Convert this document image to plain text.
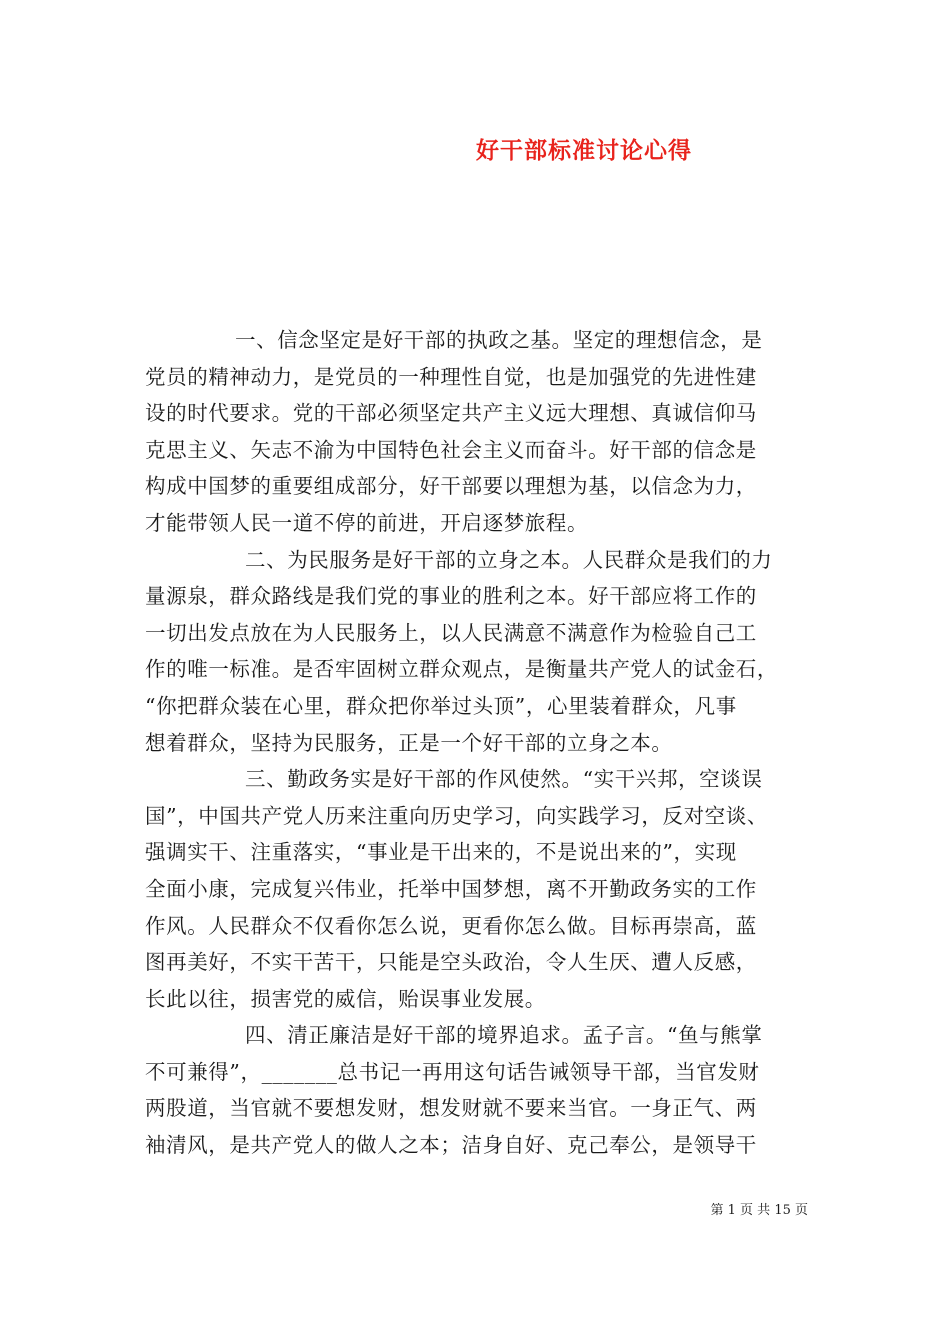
好干部标准讨论心得
一、信念坚定是好干部的执政之基。坚定的理想信念，是
党员的精神动力，是党员的一种理性自觉，也是加强党的先进性建
设的时代要求。党的干部必须坚定共产主义远大理想、真诚信仰马
克思主义、矢志不渝为中国特色社会主义而奋斗。好干部的信念是
构成中国梦的重要组成部分，好干部要以理想为基，以信念为力，
才能带领人民一道不停的前进，开启逐梦旅程。
二、为民服务是好干部的立身之本。人民群众是我们的力
量源泉，群众路线是我们党的事业的胜利之本。好干部应将工作的
一切出发点放在为人民服务上，以人民满意不满意作为检验自己工
作的唯一标准。是否牢固树立群众观点，是衡量共产党人的试金石，
“你把群众装在心里，群众把你举过头顶”，心里装着群众，凡事
想着群众，坚持为民服务，正是一个好干部的立身之本。
三、勤政务实是好干部的作风使然。“实干兴邦，空谈误
国”，中国共产党人历来注重向历史学习，向实践学习，反对空谈、
强调实干、注重落实，“事业是干出来的，不是说出来的”，实现
全面小康，完成复兴伟业，托举中国梦想，离不开勤政务实的工作
作风。人民群众不仅看你怎么说，更看你怎么做。目标再崇高，蓝
图再美好，不实干苦干，只能是空头政治，令人生厌、遭人反感，
长此以往，损害党的威信，贻误事业发展。
四、清正廉洁是好干部的境界追求。孟子言。“鱼与熊掌
不可兼得”，_______总书记一再用这句话告诫领导干部，当官发财
两股道，当官就不要想发财，想发财就不要来当官。一身正气、两
袖清风，是共产党人的做人之本；洁身自好、克己奉公，是领导干
第 1 页 共 15 页
